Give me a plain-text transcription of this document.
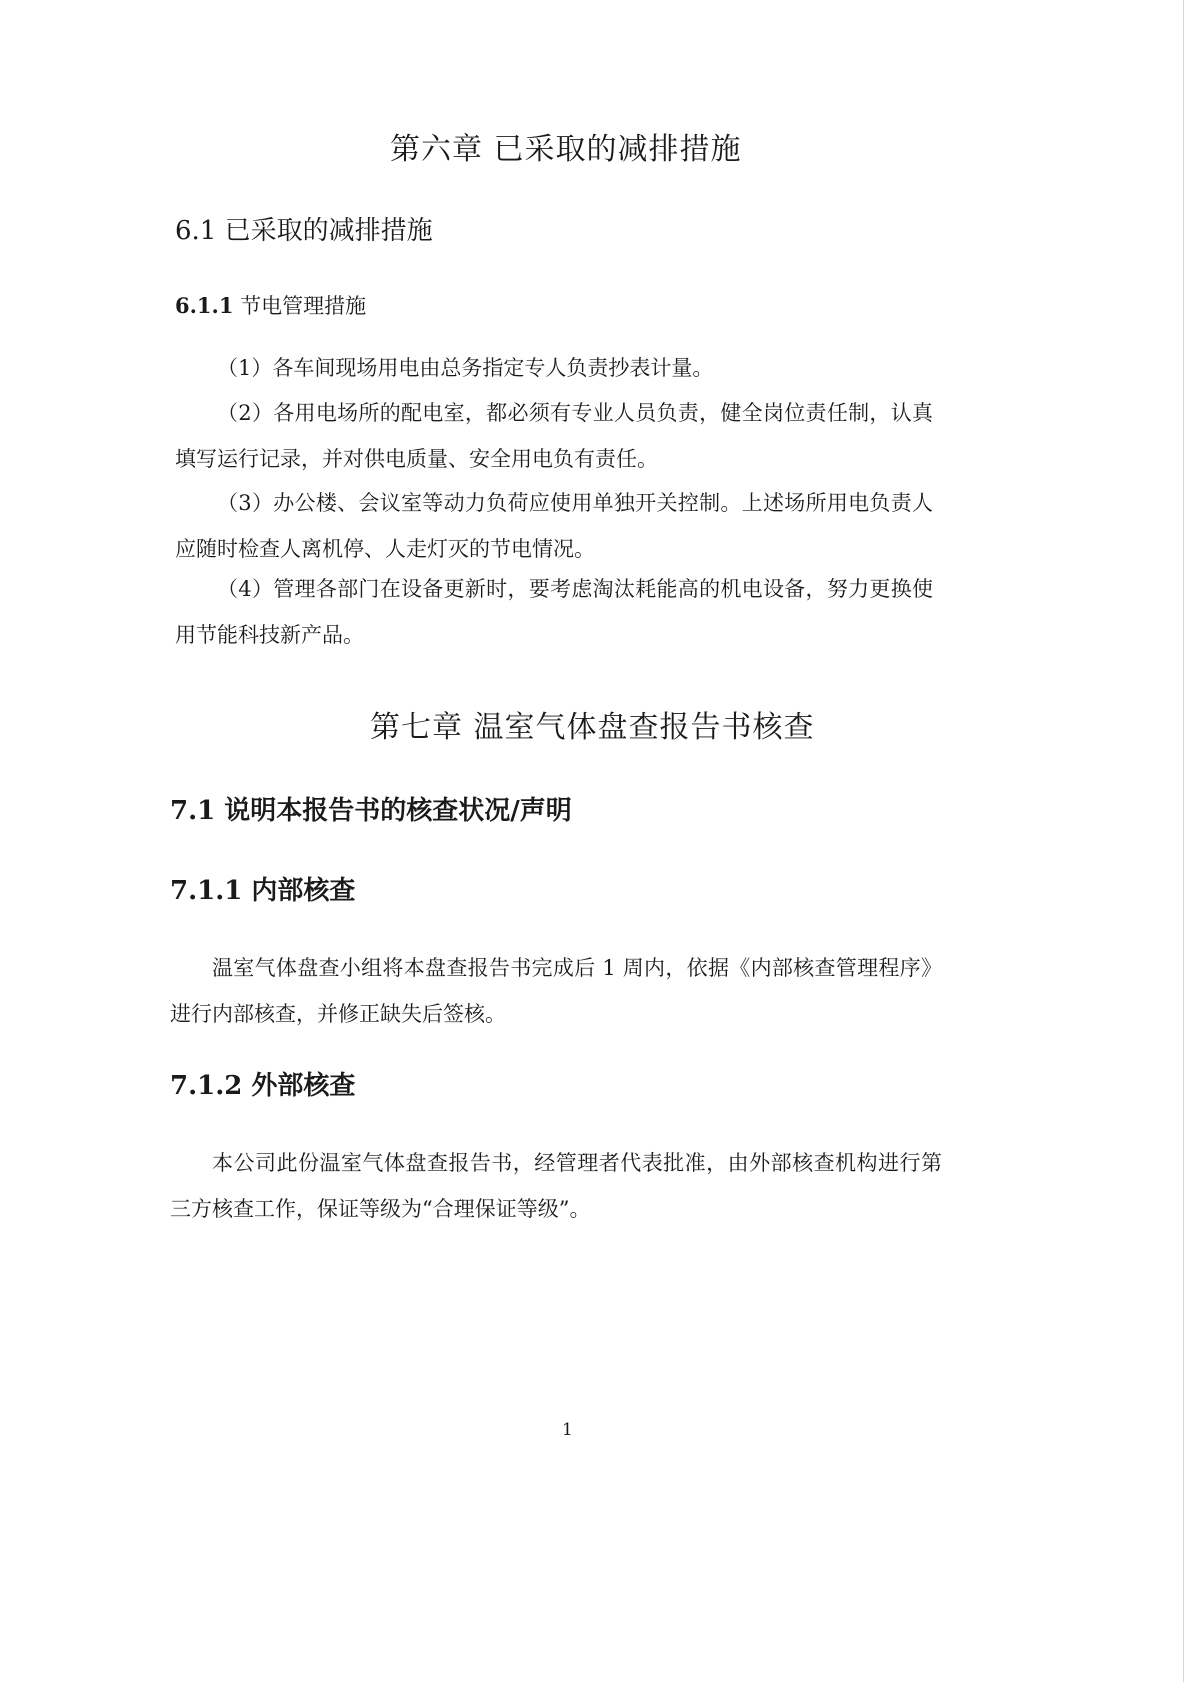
第六章 已采取的减排措施
6.1 已采取的减排措施
6.1.1 节电管理措施

（1）各车间现场用电由总务指定专人负责抄表计量。

（2）各用电场所的配电室，都必须有专业人员负责，健全岗位责任制，认真填写运行记录，并对供电质量、安全用电负有责任。

（3）办公楼、会议室等动力负荷应使用单独开关控制。上述场所用电负责人应随时检查人离机停、人走灯灭的节电情况。

（4）管理各部门在设备更新时，要考虑淘汰耗能高的机电设备，努力更换使用节能科技新产品。

第七章 温室气体盘查报告书核查
7.1 说明本报告书的核查状况/声明
7.1.1 内部核查

温室气体盘查小组将本盘查报告书完成后 1 周内，依据《内部核查管理程序》进行内部核查，并修正缺失后签核。

7.1.2 外部核查

本公司此份温室气体盘查报告书，经管理者代表批准，由外部核查机构进行第三方核查工作，保证等级为“合理保证等级”。

1
